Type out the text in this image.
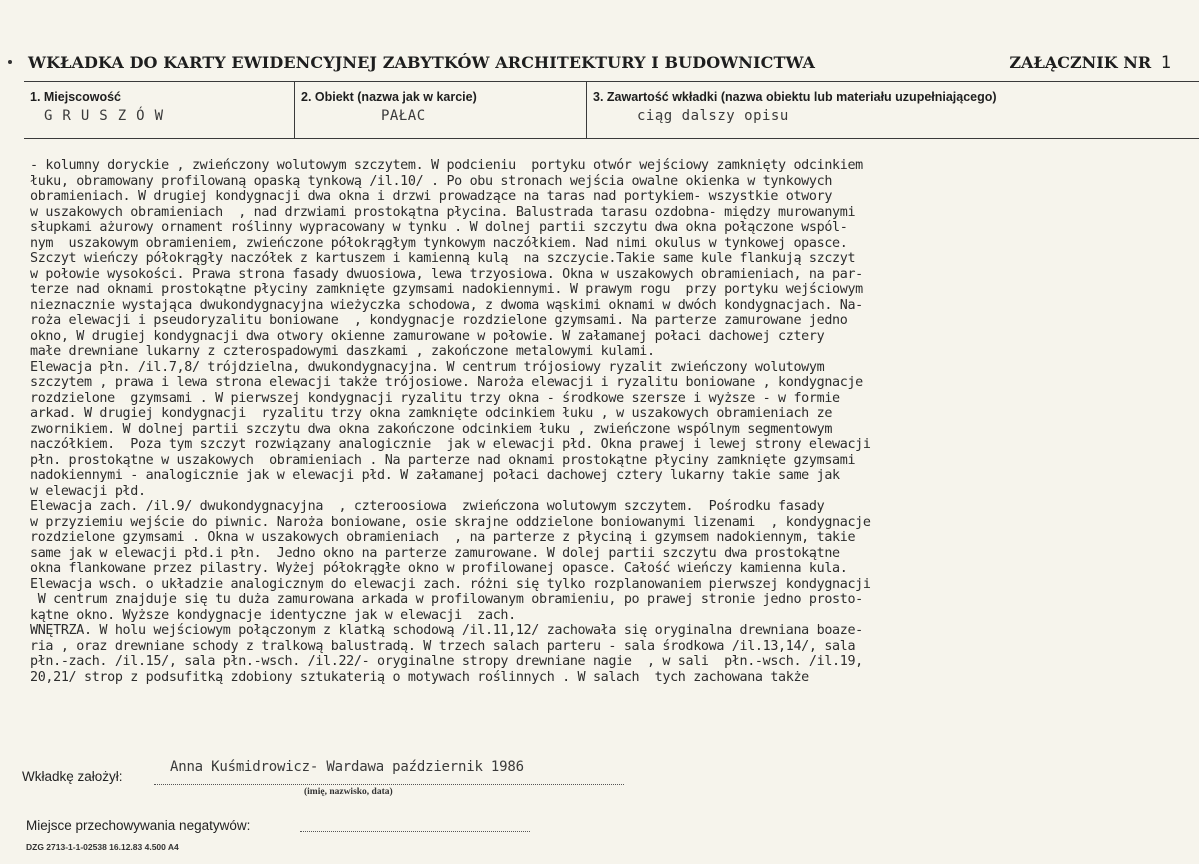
WKŁADKA DO KARTY EWIDENCYJNEJ ZABYTKÓW ARCHITEKTURY I BUDOWNICTWA	ZAŁĄCZNIK NR 1
1. Miejscowość
GRUSZÓW
2. Obiekt (nazwa jak w karcie)
PAŁAC
3. Zawartość wkładki (nazwa obiektu lub materiału uzupełniającego)
ciąg dalszy opisu
- kolumny doryckie , zwieńczony wolutowym szczytem. W podcieniu  portyku otwór wejściowy zamknięty odcinkiem
łuku, obramowany profilowaną opaską tynkową /il.10/ . Po obu stronach wejścia owalne okienka w tynkowych
obramieniach. W drugiej kondygnacji dwa okna i drzwi prowadzące na taras nad portykiem- wszystkie otwory
w uszakowych obramieniach  , nad drzwiami prostokątna płycina. Balustrada tarasu ozdobna- między murowanymi
słupkami ażurowy ornament roślinny wypracowany w tynku . W dolnej partii szczytu dwa okna połączone wspól-
nym  uszakowym obramieniem, zwieńczone półokrągłym tynkowym naczółkiem. Nad nimi okulus w tynkowej opasce.
Szczyt wieńczy półokrągły naczółek z kartuszem i kamienną kulą  na szczycie.Takie same kule flankują szczyt
w połowie wysokości. Prawa strona fasady dwuosiowa, lewa trzyosiowa. Okna w uszakowych obramieniach, na par-
terze nad oknami prostokątne płyciny zamknięte gzymsami nadokiennymi. W prawym rogu  przy portyku wejściowym
nieznacznie wystająca dwukondygnacyjna wieżyczka schodowa, z dwoma wąskimi oknami w dwóch kondygnacjach. Na-
roża elewacji i pseudoryzalitu boniowane  , kondygnacje rozdzielone gzymsami. Na parterze zamurowane jedno
okno, W drugiej kondygnacji dwa otwory okienne zamurowane w połowie. W załamanej połaci dachowej cztery
małe drewniane lukarny z czterospadowymi daszkami , zakończone metalowymi kulami.
Elewacja płn. /il.7,8/ trójdzielna, dwukondygnacyjna. W centrum trójosiowy ryzalit zwieńczony wolutowym
szczytem , prawa i lewa strona elewacji także trójosiowe. Naroża elewacji i ryzalitu boniowane , kondygnacje
rozdzielone  gzymsami . W pierwszej kondygnacji ryzalitu trzy okna - środkowe szersze i wyższe - w formie
arkad. W drugiej kondygnacji  ryzalitu trzy okna zamknięte odcinkiem łuku , w uszakowych obramieniach ze
zwornikiem. W dolnej partii szczytu dwa okna zakończone odcinkiem łuku , zwieńczone wspólnym segmentowym
naczółkiem.  Poza tym szczyt rozwiązany analogicznie  jak w elewacji płd. Okna prawej i lewej strony elewacji
płn. prostokątne w uszakowych  obramieniach . Na parterze nad oknami prostokątne płyciny zamknięte gzymsami
nadokiennymi - analogicznie jak w elewacji płd. W załamanej połaci dachowej cztery lukarny takie same jak
w elewacji płd.
Elewacja zach. /il.9/ dwukondygnacyjna  , czteroosiowa  zwieńczona wolutowym szczytem.  Pośrodku fasady
w przyziemiu wejście do piwnic. Naroża boniowane, osie skrajne oddzielone boniowanymi lizenami  , kondygnacje
rozdzielone gzymsami . Okna w uszakowych obramieniach  , na parterze z płyciną i gzymsem nadokiennym, takie
same jak w elewacji płd.i płn.  Jedno okno na parterze zamurowane. W dolej partii szczytu dwa prostokątne
okna flankowane przez pilastry. Wyżej półokrągłe okno w profilowanej opasce. Całość wieńczy kamienna kula.
Elewacja wsch. o układzie analogicznym do elewacji zach. różni się tylko rozplanowaniem pierwszej kondygnacji
W centrum znajduje się tu duża zamurowana arkada w profilowanym obramieniu, po prawej stronie jedno prosto-
kątne okno. Wyższe kondygnacje identyczne jak w elewacji  zach.
WNĘTRZA. W holu wejściowym połączonym z klatką schodową /il.11,12/ zachowała się oryginalna drewniana boaze-
ria , oraz drewniane schody z tralkową balustradą. W trzech salach parteru - sala środkowa /il.13,14/, sala
płn.-zach. /il.15/, sala płn.-wsch. /il.22/- oryginalne stropy drewniane nagie  , w sali  płn.-wsch. /il.19,
20,21/ strop z podsufitką zdobiony sztukaterią o motywach roślinnych . W salach  tych zachowana także
Wkładkę założył:
Anna Kuśmidrowicz- Wardawa październik 1986
(imię, nazwisko, data)
Miejsce przechowywania negatywów:
DZG 2713-1-1-02538 16.12.83 4.500 A4
